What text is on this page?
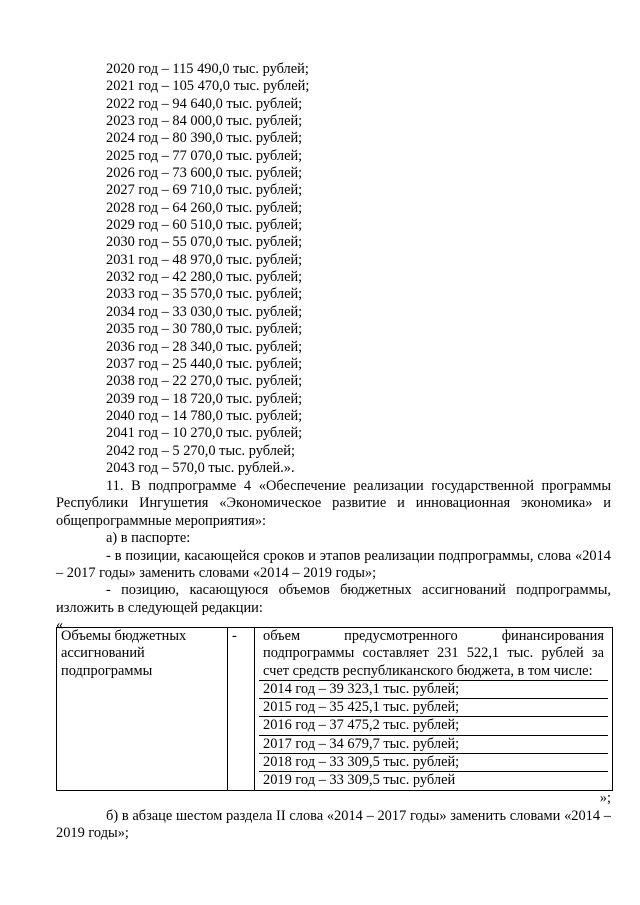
2020 год – 115 490,0 тыс. рублей;
2021 год – 105 470,0 тыс. рублей;
2022 год – 94 640,0 тыс. рублей;
2023 год – 84 000,0 тыс. рублей;
2024 год – 80 390,0 тыс. рублей;
2025 год – 77 070,0 тыс. рублей;
2026 год – 73 600,0 тыс. рублей;
2027 год – 69 710,0 тыс. рублей;
2028 год – 64 260,0 тыс. рублей;
2029 год – 60 510,0 тыс. рублей;
2030 год – 55 070,0 тыс. рублей;
2031 год – 48 970,0 тыс. рублей;
2032 год – 42 280,0 тыс. рублей;
2033 год – 35 570,0 тыс. рублей;
2034 год – 33 030,0 тыс. рублей;
2035 год – 30 780,0 тыс. рублей;
2036 год – 28 340,0 тыс. рублей;
2037 год – 25 440,0 тыс. рублей;
2038 год – 22 270,0 тыс. рублей;
2039 год – 18 720,0 тыс. рублей;
2040 год – 14 780,0 тыс. рублей;
2041 год – 10 270,0 тыс. рублей;
2042 год – 5 270,0 тыс. рублей;
2043 год – 570,0 тыс. рублей.».

11. В подпрограмме 4 «Обеспечение реализации государственной программы Республики Ингушетия «Экономическое развитие и инновационная экономика» и общепрограммные мероприятия»:

а) в паспорте:

- в позиции, касающейся сроков и этапов реализации подпрограммы, слова «2014 – 2017 годы» заменить словами «2014 – 2019 годы»;

- позицию, касающуюся объемов бюджетных ассигнований подпрограммы, изложить в следующей редакции:

«

Объемы бюджетных ассигнований подпрограммы	-	объем предусмотренного финансирования подпрограммы составляет 231 522,1 тыс. рублей за счет средств республиканского бюджета, в том числе:
2014 год – 39 323,1 тыс. рублей;
2015 год – 35 425,1 тыс. рублей;
2016 год – 37 475,2 тыс. рублей;
2017 год – 34 679,7 тыс. рублей;
2018 год – 33 309,5 тыс. рублей;
2019 год – 33 309,5 тыс. рублей
»;

б) в абзаце шестом раздела II слова «2014 – 2017 годы» заменить словами «2014 – 2019 годы»;
